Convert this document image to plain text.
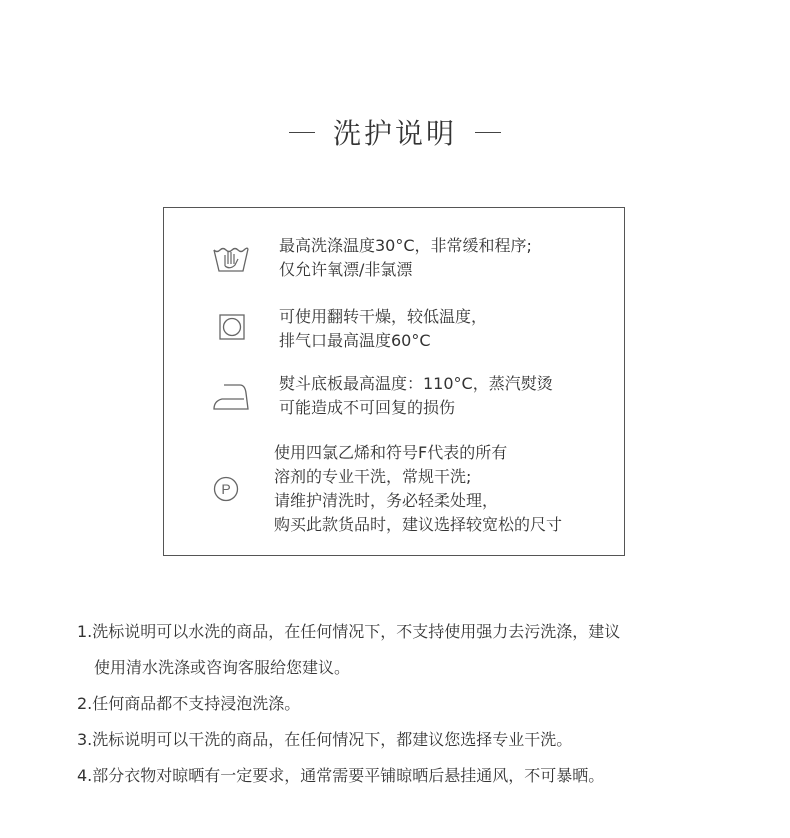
洗护说明
最高洗涤温度30°C，非常缓和程序;
仅允许氧漂/非氯漂
可使用翻转干燥，较低温度，
排气口最高温度60°C
熨斗底板最高温度：110°C，蒸汽熨烫
可能造成不可回复的损伤
P
使用四氯乙烯和符号F代表的所有
溶剂的专业干洗，常规干洗;
请维护清洗时，务必轻柔处理，
购买此款货品时，建议选择较宽松的尺寸
1.洗标说明可以水洗的商品，在任何情况下，不支持使用强力去污洗涤，建议
使用清水洗涤或咨询客服给您建议。
2.任何商品都不支持浸泡洗涤。
3.洗标说明可以干洗的商品，在任何情况下，都建议您选择专业干洗。
4.部分衣物对晾晒有一定要求，通常需要平铺晾晒后悬挂通风，不可暴晒。
